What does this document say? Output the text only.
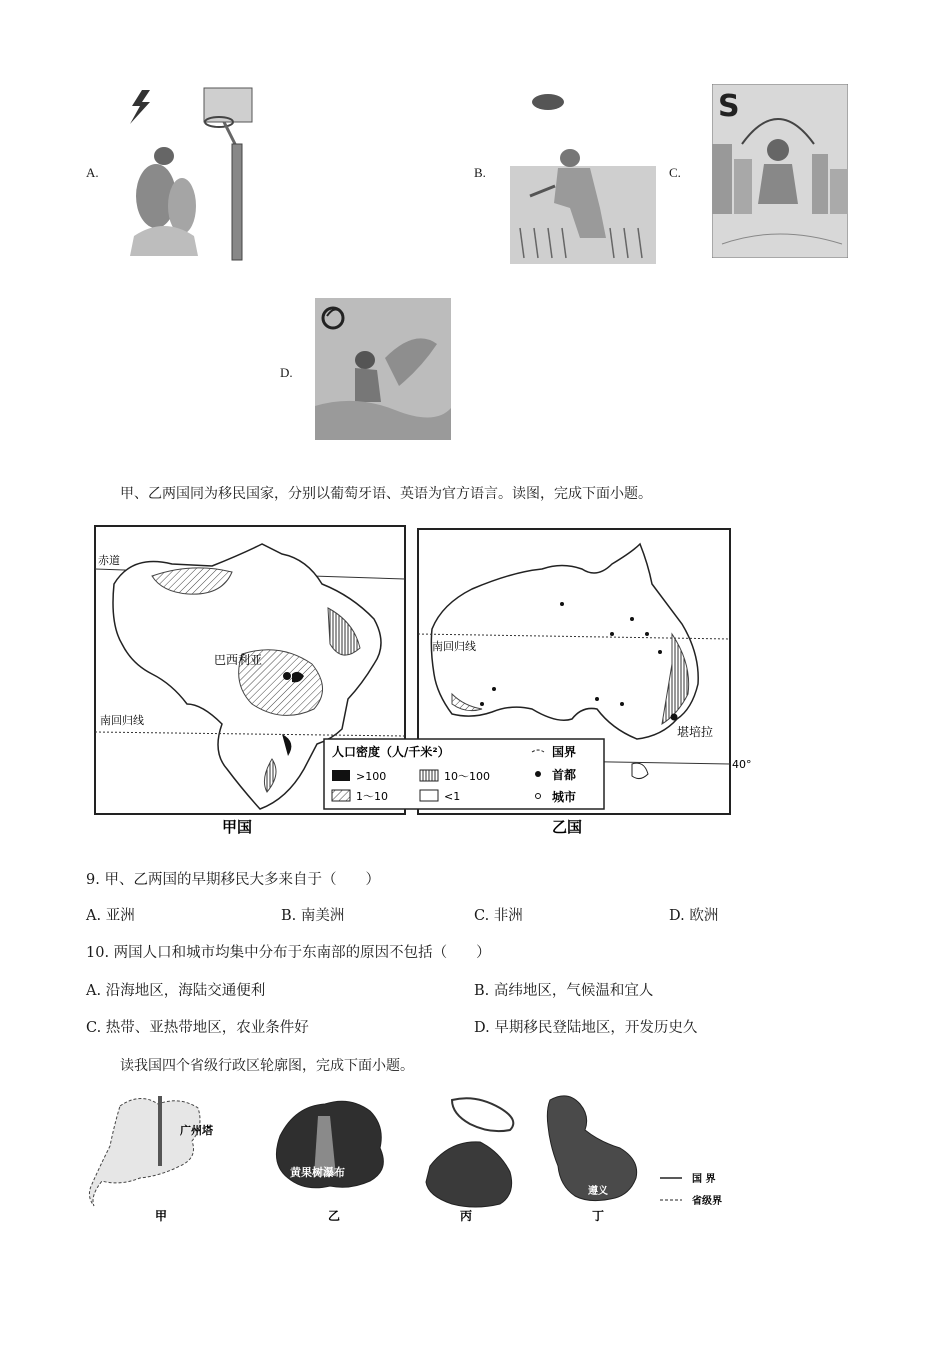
A.	B.	C.
S
D.
甲、乙两国同为移民国家，分别以葡萄牙语、英语为官方语言。读图，完成下面小题。
赤道
巴西利亚
南回归线
南回归线
堪培拉
40°
人口密度（人/千米²）
>100	10～100
1～10	<1
国界
首都
城市
甲国	乙国
9. 甲、乙两国的早期移民大多来自于（　　）
A. 亚洲	B. 南美洲	C. 非洲	D. 欧洲
10. 两国人口和城市均集中分布于东南部的原因不包括（　　）
A. 沿海地区，海陆交通便利	B. 高纬地区，气候温和宜人
C. 热带、亚热带地区，农业条件好	D. 早期移民登陆地区，开发历史久
读我国四个省级行政区轮廓图，完成下面小题。
广州塔
甲
黄果树瀑布
乙	丙
遵义
丁
国 界
省级界
